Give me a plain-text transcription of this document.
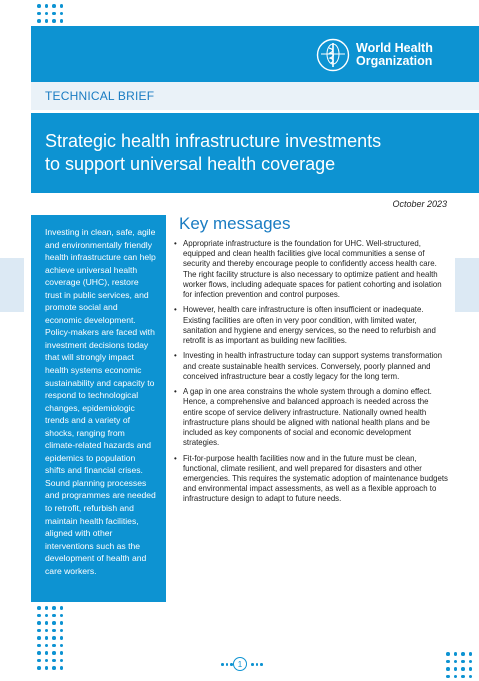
World Health
Organization
TECHNICAL BRIEF
Strategic health infrastructure investments
to support universal health coverage
October 2023

Investing in clean, safe, agile and environmentally friendly health infrastructure can help achieve universal health coverage (UHC), restore trust in public services, and promote social and economic development. Policy-makers are faced with investment decisions today that will strongly impact health systems economic sustainability and capacity to respond to technological changes, epidemiologic trends and a variety of shocks, ranging from climate-related hazards and epidemics to population shifts and financial crises. Sound planning processes and programmes are needed to retrofit, refurbish and maintain health facilities, aligned with other interventions such as the development of health and care workers.

Key messages
• Appropriate infrastructure is the foundation for UHC. Well-structured, equipped and clean health facilities give local communities a sense of security and thereby encourage people to confidently access health care. The right facility structure is also necessary to optimize patient and health worker flows, including adequate spaces for patient cohorting and isolation for infection prevention and control purposes.
• However, health care infrastructure is often insufficient or inadequate. Existing facilities are often in very poor condition, with limited water, sanitation and hygiene and energy services, so the need to refurbish and retrofit is as important as building new facilities.
• Investing in health infrastructure today can support systems transformation and create sustainable health services. Conversely, poorly planned and conceived infrastructure bear a costly legacy for the long term.
• A gap in one area constrains the whole system through a domino effect. Hence, a comprehensive and balanced approach is needed across the entire scope of service delivery infrastructure. Nationally owned health infrastructure plans should be aligned with national health plans and be included as key components of social and economic development strategies.
• Fit-for-purpose health facilities now and in the future must be clean, functional, climate resilient, and well prepared for disasters and other emergencies. This requires the systematic adoption of maintenance budgets and environmental impact assessments, as well as a flexible approach to infrastructure design to adapt to future needs.
1
